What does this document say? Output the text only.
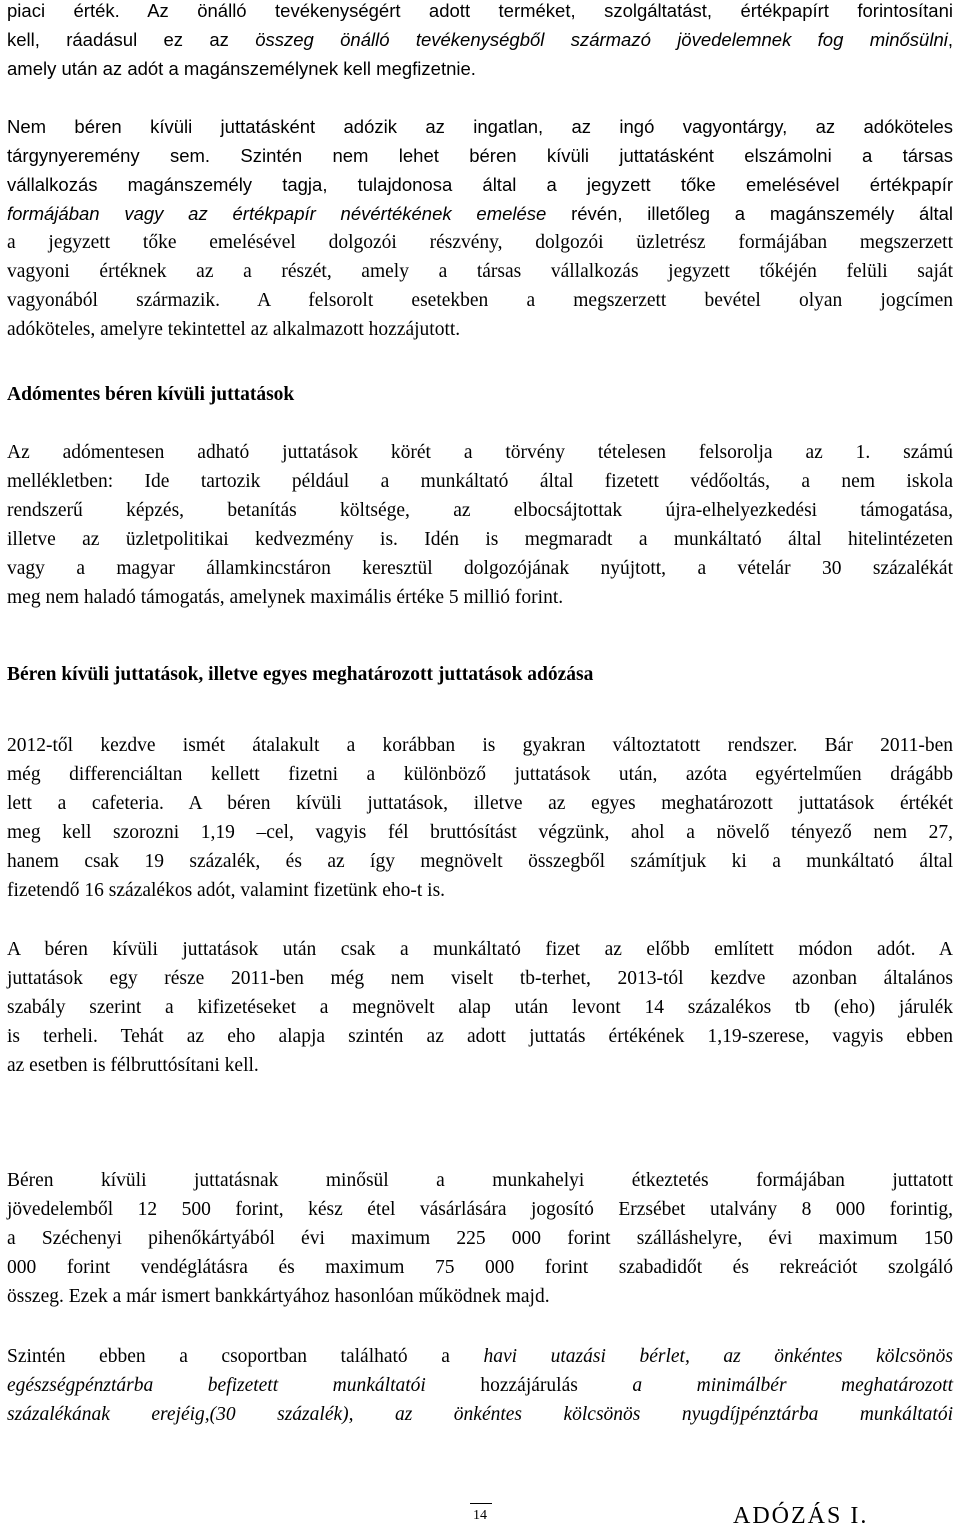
piaci érték. Az önálló tevékenységért adott terméket, szolgáltatást, értékpapírt forintosítani
kell, ráadásul ez az összeg önálló tevékenységből származó jövedelemnek fog minősülni,
amely után az adót a magánszemélynek kell megfizetnie.
Nem béren kívüli juttatásként adózik az ingatlan, az ingó vagyontárgy, az adóköteles
tárgynyeremény sem. Szintén nem lehet béren kívüli juttatásként elszámolni a társas
vállalkozás magánszemély tagja, tulajdonosa által a jegyzett tőke emelésével értékpapír
formájában vagy az értékpapír névértékének emelése révén, illetőleg a magánszemély által
a jegyzett tőke emelésével dolgozói részvény, dolgozói üzletrész formájában megszerzett
vagyoni értéknek az a részét, amely a társas vállalkozás jegyzett tőkéjén felüli saját
vagyonából származik. A felsorolt esetekben a megszerzett bevétel olyan jogcímen
adóköteles, amelyre tekintettel az alkalmazott hozzájutott.
Adómentes béren kívüli juttatások
Az adómentesen adható juttatások körét a törvény tételesen felsorolja az 1. számú
mellékletben: Ide tartozik például a munkáltató által fizetett védőoltás, a nem iskola
rendszerű képzés, betanítás költsége, az elbocsájtottak újra-elhelyezkedési támogatása,
illetve az üzletpolitikai kedvezmény is. Idén is megmaradt a munkáltató által hitelintézeten
vagy a magyar államkincstáron keresztül dolgozójának nyújtott, a vételár 30 százalékát
meg nem haladó támogatás, amelynek maximális értéke 5 millió forint.
Béren kívüli juttatások, illetve egyes meghatározott juttatások adózása
2012-től kezdve ismét átalakult a korábban is gyakran változtatott rendszer. Bár 2011-ben
még differenciáltan kellett fizetni a különböző juttatások után, azóta egyértelműen drágább
lett a cafeteria. A béren kívüli juttatások, illetve az egyes meghatározott juttatások értékét
meg kell szorozni 1,19 –cel, vagyis fél bruttósítást végzünk, ahol a növelő tényező nem 27,
hanem csak 19 százalék, és az így megnövelt összegből számítjuk ki a munkáltató által
fizetendő 16 százalékos adót, valamint fizetünk eho-t is.
A béren kívüli juttatások után csak a munkáltató fizet az előbb említett módon adót. A
juttatások egy része 2011-ben még nem viselt tb-terhet, 2013-tól kezdve azonban általános
szabály szerint a kifizetéseket a megnövelt alap után levont 14 százalékos tb (eho) járulék
is terheli. Tehát az eho alapja szintén az adott juttatás értékének 1,19-szerese, vagyis ebben
az esetben is félbruttósítani kell.
Béren kívüli juttatásnak minősül a munkahelyi étkeztetés formájában juttatott
jövedelemből 12 500 forint, kész étel vásárlására jogosító Erzsébet utalvány 8 000 forintig,
a Széchenyi pihenőkártyából évi maximum 225 000 forint szálláshelyre, évi maximum 150
000 forint vendéglátásra és maximum 75 000 forint szabadidőt és rekreációt szolgáló
összeg. Ezek a már ismert bankkártyához hasonlóan működnek majd.
Szintén ebben a csoportban található a havi utazási bérlet, az önkéntes kölcsönös
egészségpénztárba befizetett munkáltatói hozzájárulás a minimálbér meghatározott
százalékának erejéig,(30 százalék), az önkéntes kölcsönös nyugdíjpénztárba munkáltatói
14	ADÓZÁS I.
